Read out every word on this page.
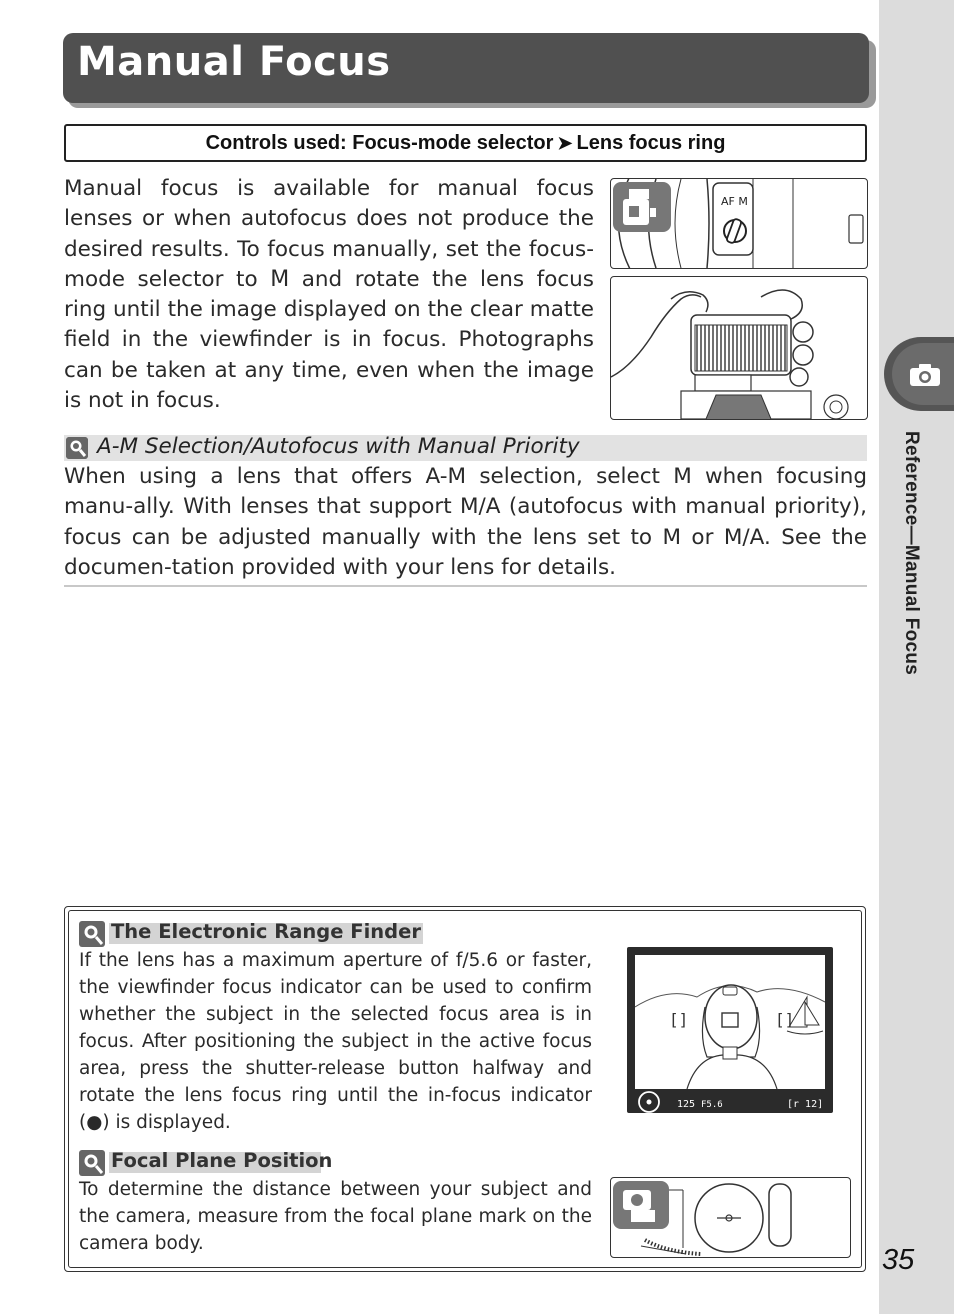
Reference—Manual Focus
35
Manual Focus
Controls used: Focus-mode selector ➤ Lens focus ring
Manual focus is available for manual focus lenses or when autofocus does not produce the desired results. To focus manually, set the focus-mode selector to M and rotate the lens focus ring until the image displayed on the clear matte field in the viewfinder is in focus. Photographs can be taken at any time, even when the image is not in focus.
AF M
A-M Selection/Autofocus with Manual Priority
When using a lens that offers A-M selection, select M when focusing manu-ally. With lenses that support M/A (autofocus with manual priority), focus can be adjusted manually with the lens set to M or M/A. See the documen-tation provided with your lens for details.
The Electronic Range Finder
If the lens has a maximum aperture of f/5.6 or faster, the viewfinder focus indicator can be used to confirm whether the subject in the selected focus area is in focus. After positioning the subject in the active focus area, press the shutter-release button halfway and rotate the lens focus ring until the in-focus indicator (●) is displayed.
[]	[]
125 F5.6	[r 12]
Focal Plane Position
To determine the distance between your subject and the camera, measure from the focal plane mark on the camera body.
